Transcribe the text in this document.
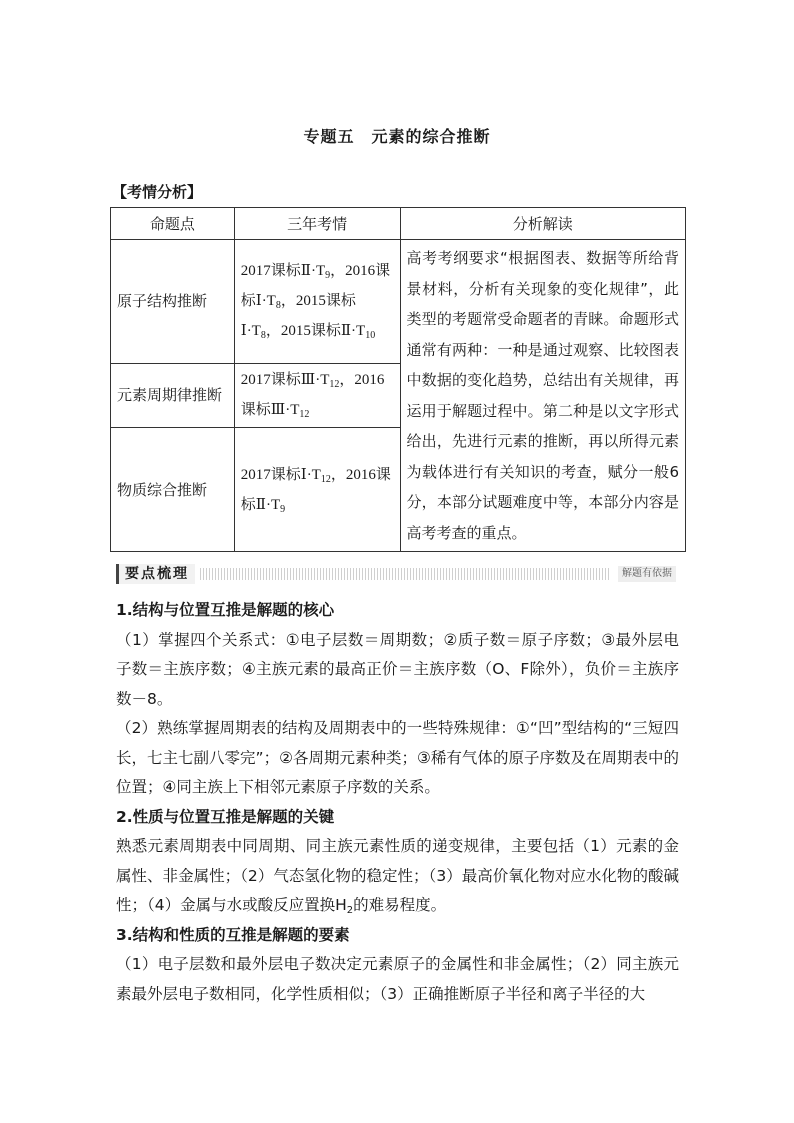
专题五　元素的综合推断
【考情分析】
命题点	三年考情	分析解读
原子结构推断	2017课标$Ⅱ\cdot T_9$，2016课标$Ⅰ\cdot T_8$，2015课标$Ⅰ\cdot T_8$，2015课标$Ⅱ\cdot T_{10}$	高考考纲要求“根据图表、数据等所给背景材料，分析有关现象的变化规律”，此类型的考题常受命题者的青睐。命题形式通常有两种：一种是通过观察、比较图表中数据的变化趋势，总结出有关规律，再运用于解题过程中。第二种是以文字形式给出，先进行元素的推断，再以所得元素为载体进行有关知识的考查，赋分一般6分，本部分试题难度中等，本部分内容是高考考查的重点。
元素周期律推断	2017课标$Ⅲ\cdot T_{12}$，2016课标$Ⅲ\cdot T_{12}$
物质综合推断	2017课标$Ⅰ\cdot T_{12}$，2016课标$Ⅱ\cdot T_9$
要点梳理	解题有依据

1.结构与位置互推是解题的核心

（1）掌握四个关系式：①电子层数＝周期数；②质子数＝原子序数；③最外层电子数＝主族序数；④主族元素的最高正价＝主族序数（O、F除外），负价＝主族序数－8。

（2）熟练掌握周期表的结构及周期表中的一些特殊规律：①“凹”型结构的“三短四长，七主七副八零完”；②各周期元素种类；③稀有气体的原子序数及在周期表中的位置；④同主族上下相邻元素原子序数的关系。

2.性质与位置互推是解题的关键

熟悉元素周期表中同周期、同主族元素性质的递变规律，主要包括（1）元素的金属性、非金属性；（2）气态氢化物的稳定性；（3）最高价氧化物对应水化物的酸碱性；（4）金属与水或酸反应置换$H_2$的难易程度。

3.结构和性质的互推是解题的要素

（1）电子层数和最外层电子数决定元素原子的金属性和非金属性；（2）同主族元素最外层电子数相同，化学性质相似；（3）正确推断原子半径和离子半径的大
